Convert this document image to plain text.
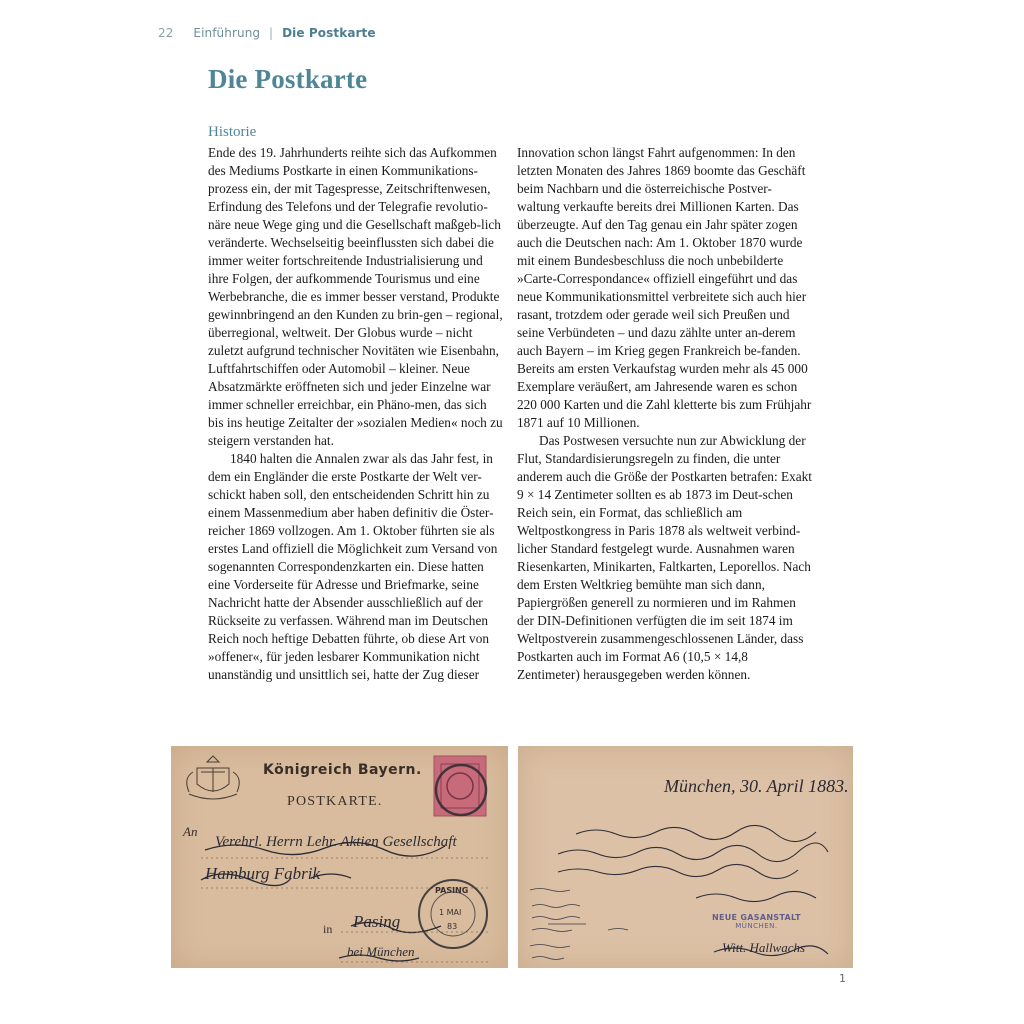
22 Einführung | Die Postkarte
Die Postkarte
Historie

Ende des 19. Jahrhunderts reihte sich das Aufkommen des Mediums Postkarte in einen Kommunikations-prozess ein, der mit Tagespresse, Zeitschriftenwesen, Erfindung des Telefons und der Telegrafie revolutio-näre neue Wege ging und die Gesellschaft maßgeb-lich veränderte. Wechselseitig beeinflussten sich dabei die immer weiter fortschreitende Industrialisierung und ihre Folgen, der aufkommende Tourismus und eine Werbebranche, die es immer besser verstand, Produkte gewinnbringend an den Kunden zu brin-gen – regional, überregional, weltweit. Der Globus wurde – nicht zuletzt aufgrund technischer Novitäten wie Eisenbahn, Luftfahrtschiffen oder Automobil – kleiner. Neue Absatzmärkte eröffneten sich und jeder Einzelne war immer schneller erreichbar, ein Phäno-men, das sich bis ins heutige Zeitalter der »sozialen Medien« noch zu steigern verstanden hat.

1840 halten die Annalen zwar als das Jahr fest, in dem ein Engländer die erste Postkarte der Welt ver-schickt haben soll, den entscheidenden Schritt hin zu einem Massenmedium aber haben definitiv die Öster-reicher 1869 vollzogen. Am 1. Oktober führten sie als erstes Land offiziell die Möglichkeit zum Versand von sogenannten Correspondenzkarten ein. Diese hatten eine Vorderseite für Adresse und Briefmarke, seine Nachricht hatte der Absender ausschließlich auf der Rückseite zu verfassen. Während man im Deutschen Reich noch heftige Debatten führte, ob diese Art von »offener«, für jeden lesbarer Kommunikation nicht unanständig und unsittlich sei, hatte der Zug dieser

Innovation schon längst Fahrt aufgenommen: In den letzten Monaten des Jahres 1869 boomte das Geschäft beim Nachbarn und die österreichische Postver-waltung verkaufte bereits drei Millionen Karten. Das überzeugte. Auf den Tag genau ein Jahr später zogen auch die Deutschen nach: Am 1. Oktober 1870 wurde mit einem Bundesbeschluss die noch unbebilderte »Carte-Correspondance« offiziell eingeführt und das neue Kommunikationsmittel verbreitete sich auch hier rasant, trotzdem oder gerade weil sich Preußen und seine Verbündeten – und dazu zählte unter an-derem auch Bayern – im Krieg gegen Frankreich be-fanden. Bereits am ersten Verkaufstag wurden mehr als 45 000 Exemplare veräußert, am Jahresende waren es schon 220 000 Karten und die Zahl kletterte bis zum Frühjahr 1871 auf 10 Millionen.

Das Postwesen versuchte nun zur Abwicklung der Flut, Standardisierungsregeln zu finden, die unter anderem auch die Größe der Postkarten betrafen: Exakt 9 × 14 Zentimeter sollten es ab 1873 im Deut-schen Reich sein, ein Format, das schließlich am Weltpostkongress in Paris 1878 als weltweit verbind-licher Standard festgelegt wurde. Ausnahmen waren Riesenkarten, Minikarten, Faltkarten, Leporellos. Nach dem Ersten Weltkrieg bemühte man sich dann, Papiergrößen generell zu normieren und im Rahmen der DIN-Definitionen verfügten die im seit 1874 im Weltpostverein zusammengeschlossenen Länder, dass Postkarten auch im Format A6 (10,5 × 14,8 Zentimeter) herausgegeben werden können.

Königreich Bayern.
POSTKARTE.
An
Verehrl. Herrn Lehr. Aktien Gesellschaft
Hamburg Fabrik
in Pasing
bei München
PASING
1 MAI
83
München, 30. April 1883.
NEUE GASANSTALT
MÜNCHEN.
Witt. Hallwachs
1
